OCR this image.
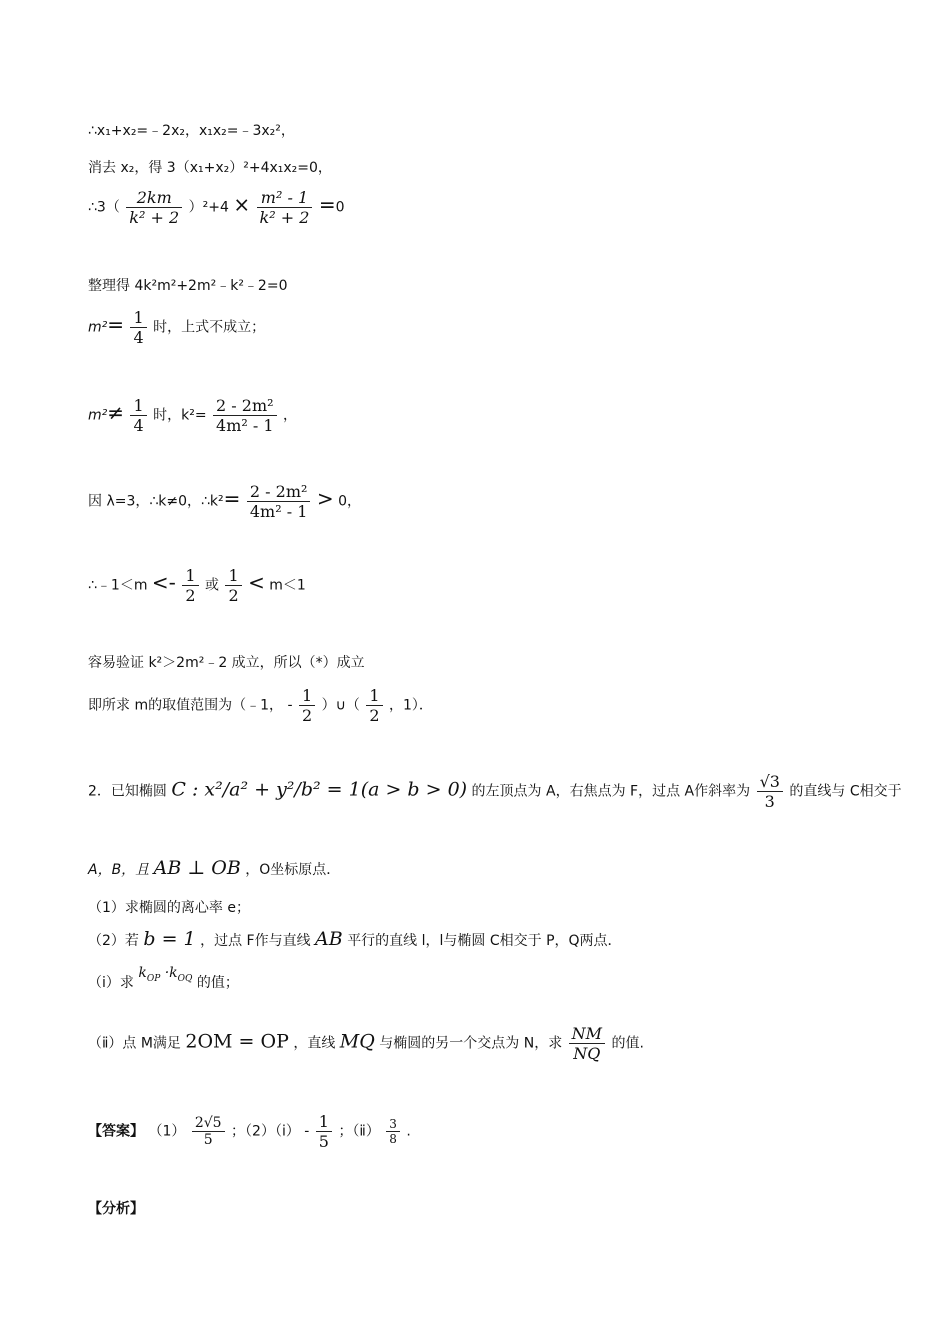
∴x₁+x₂=﹣2x₂，x₁x₂=﹣3x₂²，
消去 x₂，得 3（x₁+x₂）²+4x₁x₂=0，
∴3（ $\frac{2km}{\text{k² + 2}} )^2+4 \times \frac{\text{m² - 1}}{\text{k² + 2}} =0$
整理得 4k²m²+2m²﹣k²﹣2=0
$m^2= \frac{1}{4}$ 时，上式不成立；
$m^2\ne \frac{1}{4}$ 时，$k^2= \frac{\text{2 - 2m²}}{\text{4m² - 1}}$ ，
因 λ=3，∴k≠0，∴k²= $\frac{\text{2 - 2m²}}{\text{4m² - 1}} > 0$，
∴﹣1＜m <- $\frac{1}{2}$ 或 $\frac{1}{2} < m<1$
容易验证 k²＞2m²﹣2 成立，所以（*）成立
即所求 m的取值范围为（﹣1， - $\frac{1}{2}$ ）∪（ $\frac{1}{2}$ ，1）．
2．已知椭圆 C : x²/a² + y²/b² = 1(a > b > 0) 的左顶点为 A，右焦点为 F，过点 A作斜率为 $\frac{√3}{3}$ 的直线与 C相交于
A，B，且 AB ⊥ OB ，O坐标原点．
（1）求椭圆的离心率 e；
（2）若 b = 1 ，过点 F作与直线 AB 平行的直线 l，l与椭圆 C相交于 P，Q两点．
（ⅰ）求 $k_{OP} \cdot k_{OQ}$ 的值；
（ⅱ）点 M满足 2OM = OP ，直线 MQ 与椭圆的另一个交点为 N，求 $\frac{NM}{NQ}$ 的值.
【答案】 $(1) \frac{2√5}{5}$ ；（2）（ⅰ） - $\frac{1}{5}$ ；（ⅱ） $\frac{3}{8}$ .
【分析】
